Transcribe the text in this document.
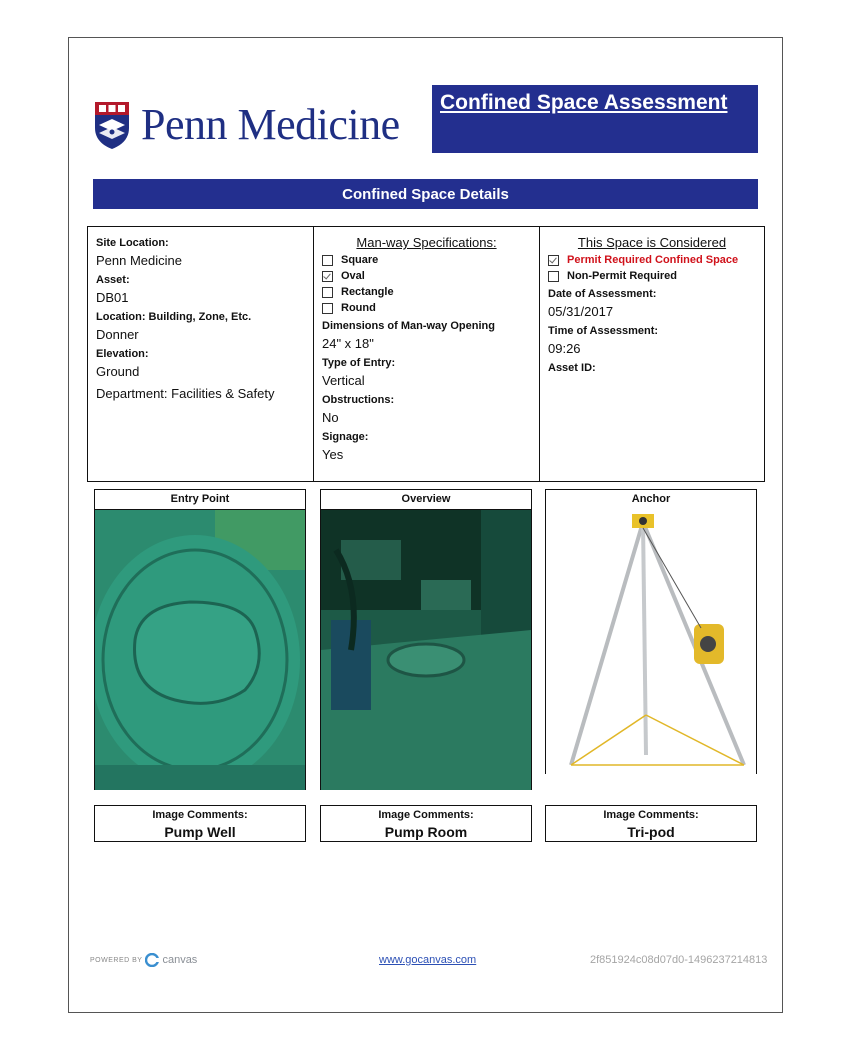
Penn Medicine Confined Space Assessment
Confined Space Details
Site Location:
Penn Medicine
Asset:
DB01
Location: Building, Zone, Etc.
Donner
Elevation:
Ground
Department: Facilities & Safety
Man-way Specifications:
Square
Oval
Rectangle
Round
Dimensions of Man-way Opening
24" x 18"
Type of Entry:
Vertical
Obstructions:
No
Signage:
Yes
This Space is Considered
Permit Required Confined Space
Non-Permit Required
Date of Assessment:
05/31/2017
Time of Assessment:
09:26
Asset ID:
Entry Point	Overview	Anchor
Image Comments:
Pump Well
Image Comments:
Pump Room
Image Comments:
Tri-pod
POWERED BY canvas	www.gocanvas.com	2f851924c08d07d0-1496237214813
